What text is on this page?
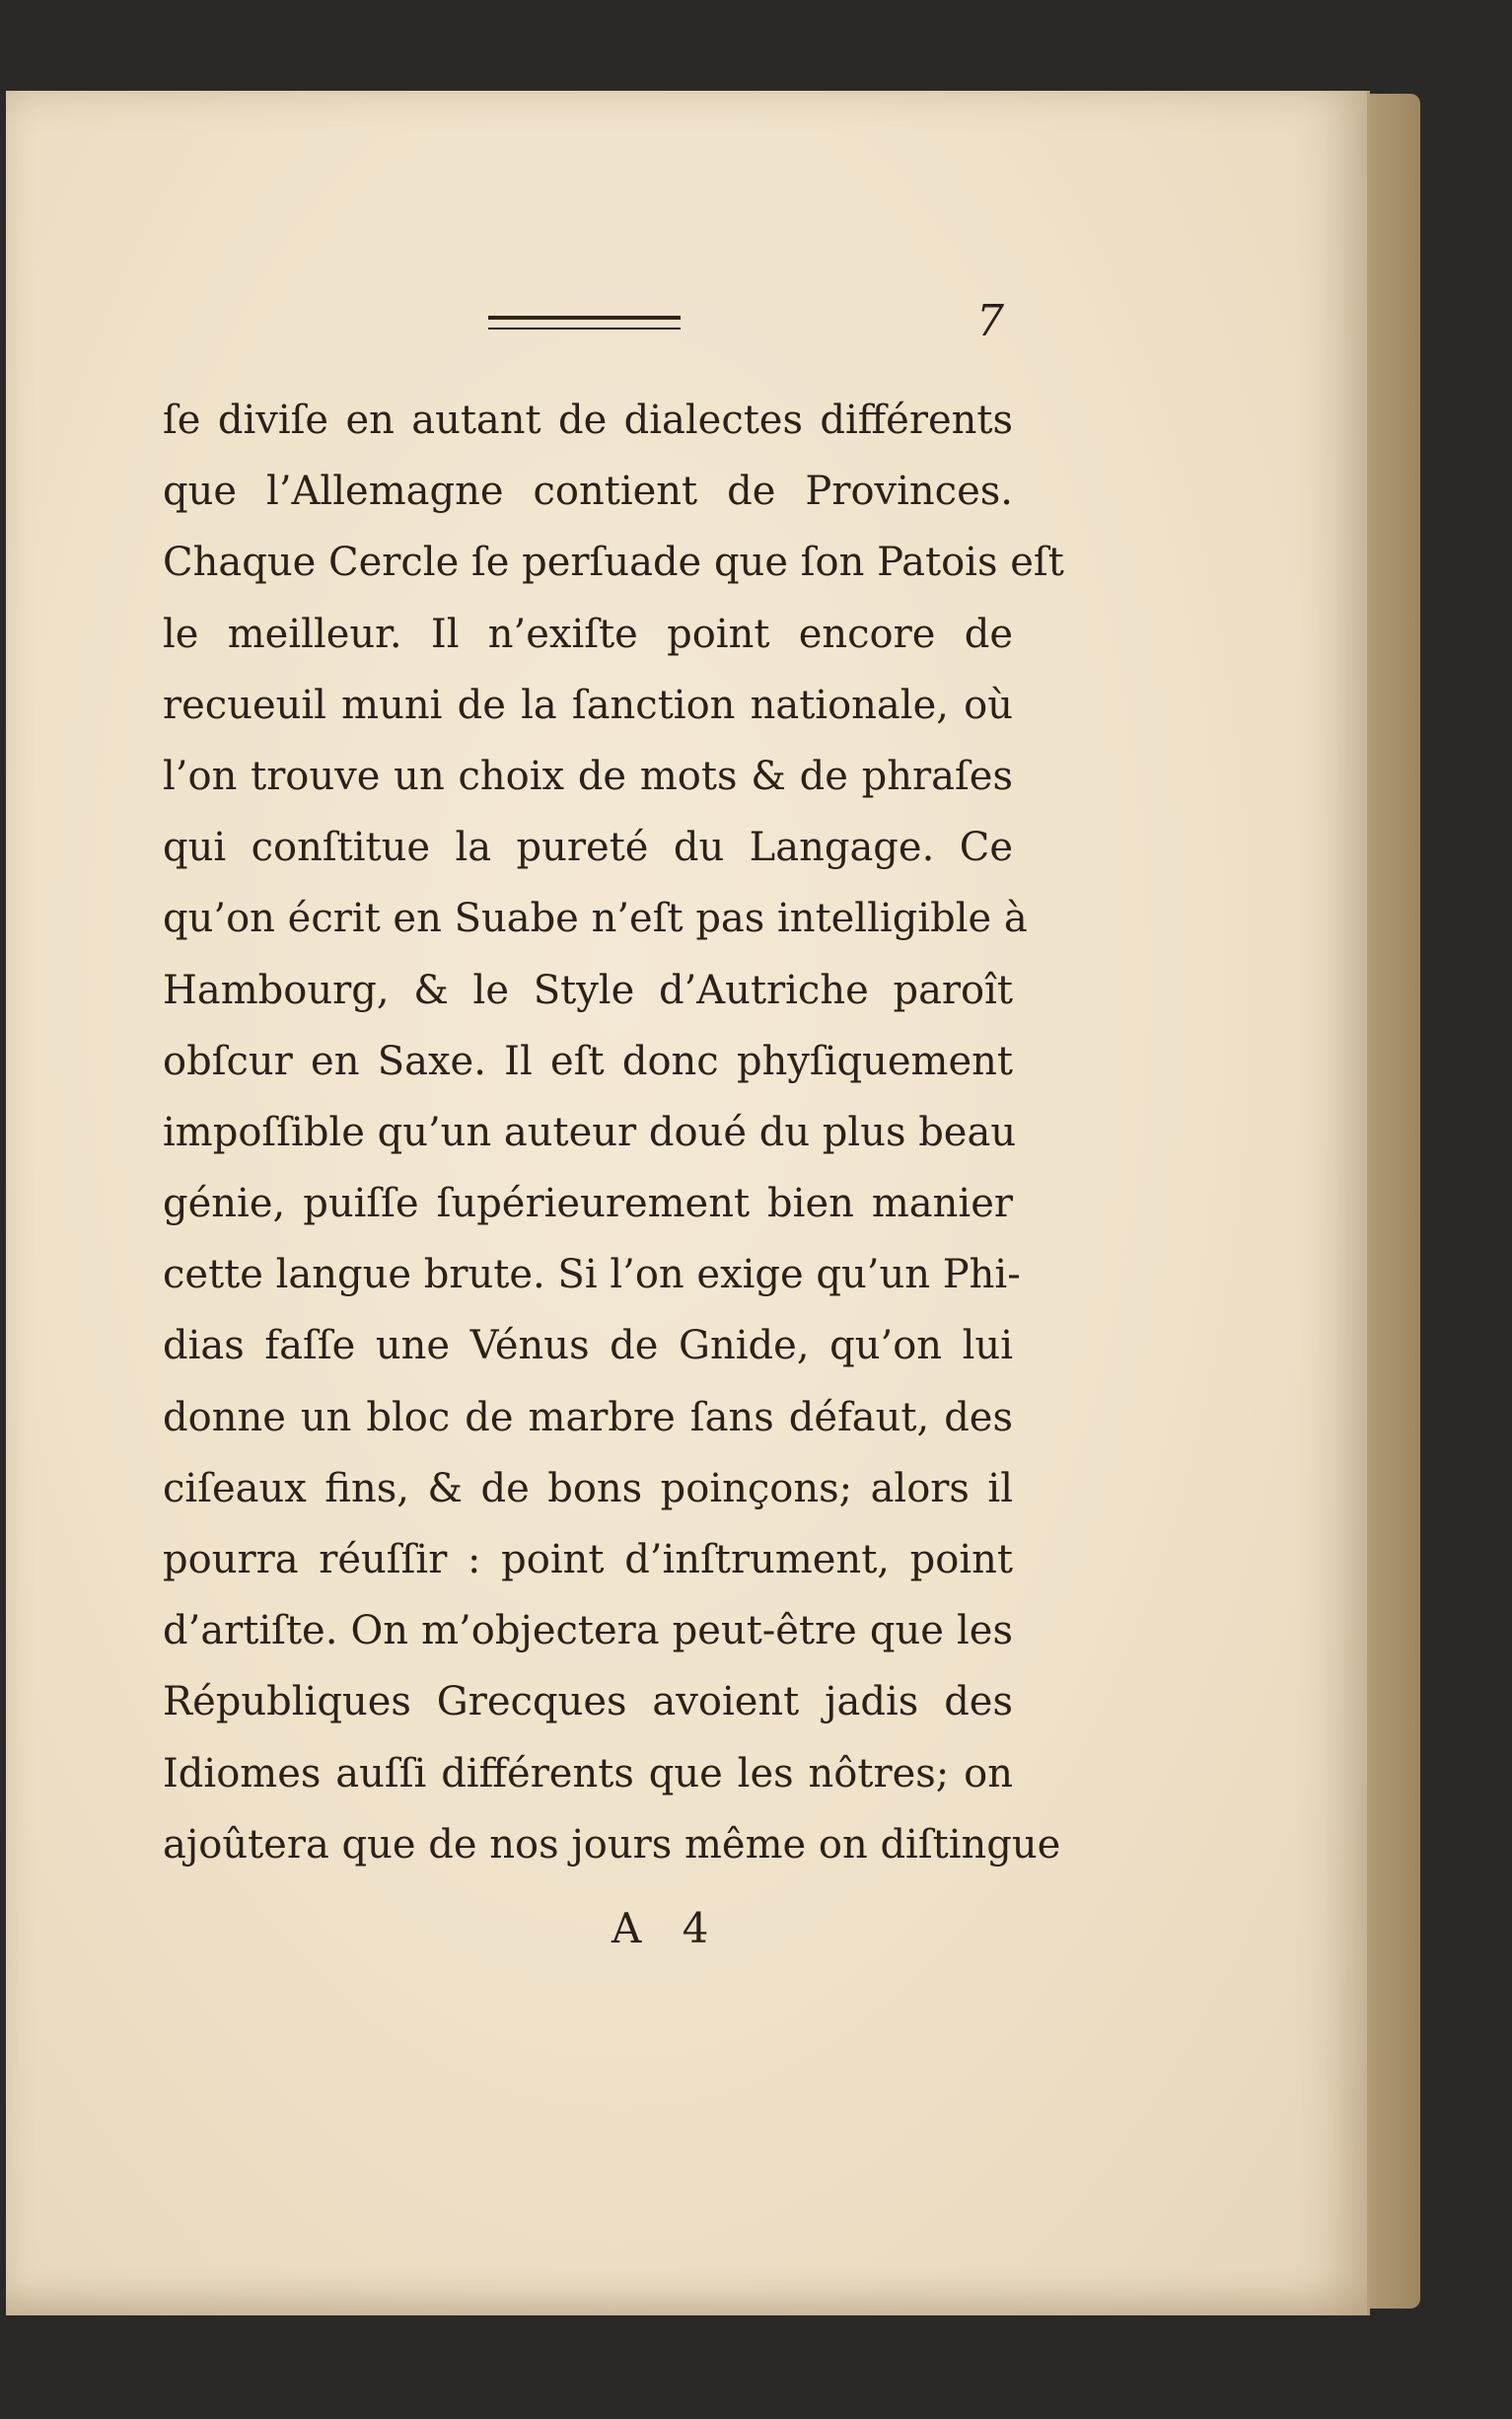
7
ſe diviſe en autant de dialectes différents
que l’Allemagne contient de Provinces.
Chaque Cercle ſe perſuade que ſon Patois eſt
le meilleur. Il n’exiſte point encore de
recueuil muni de la ſanction nationale, où
l’on trouve un choix de mots & de phraſes
qui conſtitue la pureté du Langage. Ce
qu’on écrit en Suabe n’eſt pas intelligible à
Hambourg, & le Style d’Autriche paroît
obſcur en Saxe. Il eſt donc phyſiquement
impoſſible qu’un auteur doué du plus beau
génie, puiſſe ſupérieurement bien manier
cette langue brute. Si l’on exige qu’un Phi-
dias faſſe une Vénus de Gnide, qu’on lui
donne un bloc de marbre ſans défaut, des
ciſeaux fins, & de bons poinçons; alors il
pourra réuſſir : point d’inſtrument, point
d’artiſte. On m’objectera peut-être que les
Républiques Grecques avoient jadis des
Idiomes auſſi différents que les nôtres; on
ajoûtera que de nos jours même on diſtingue
A 4
